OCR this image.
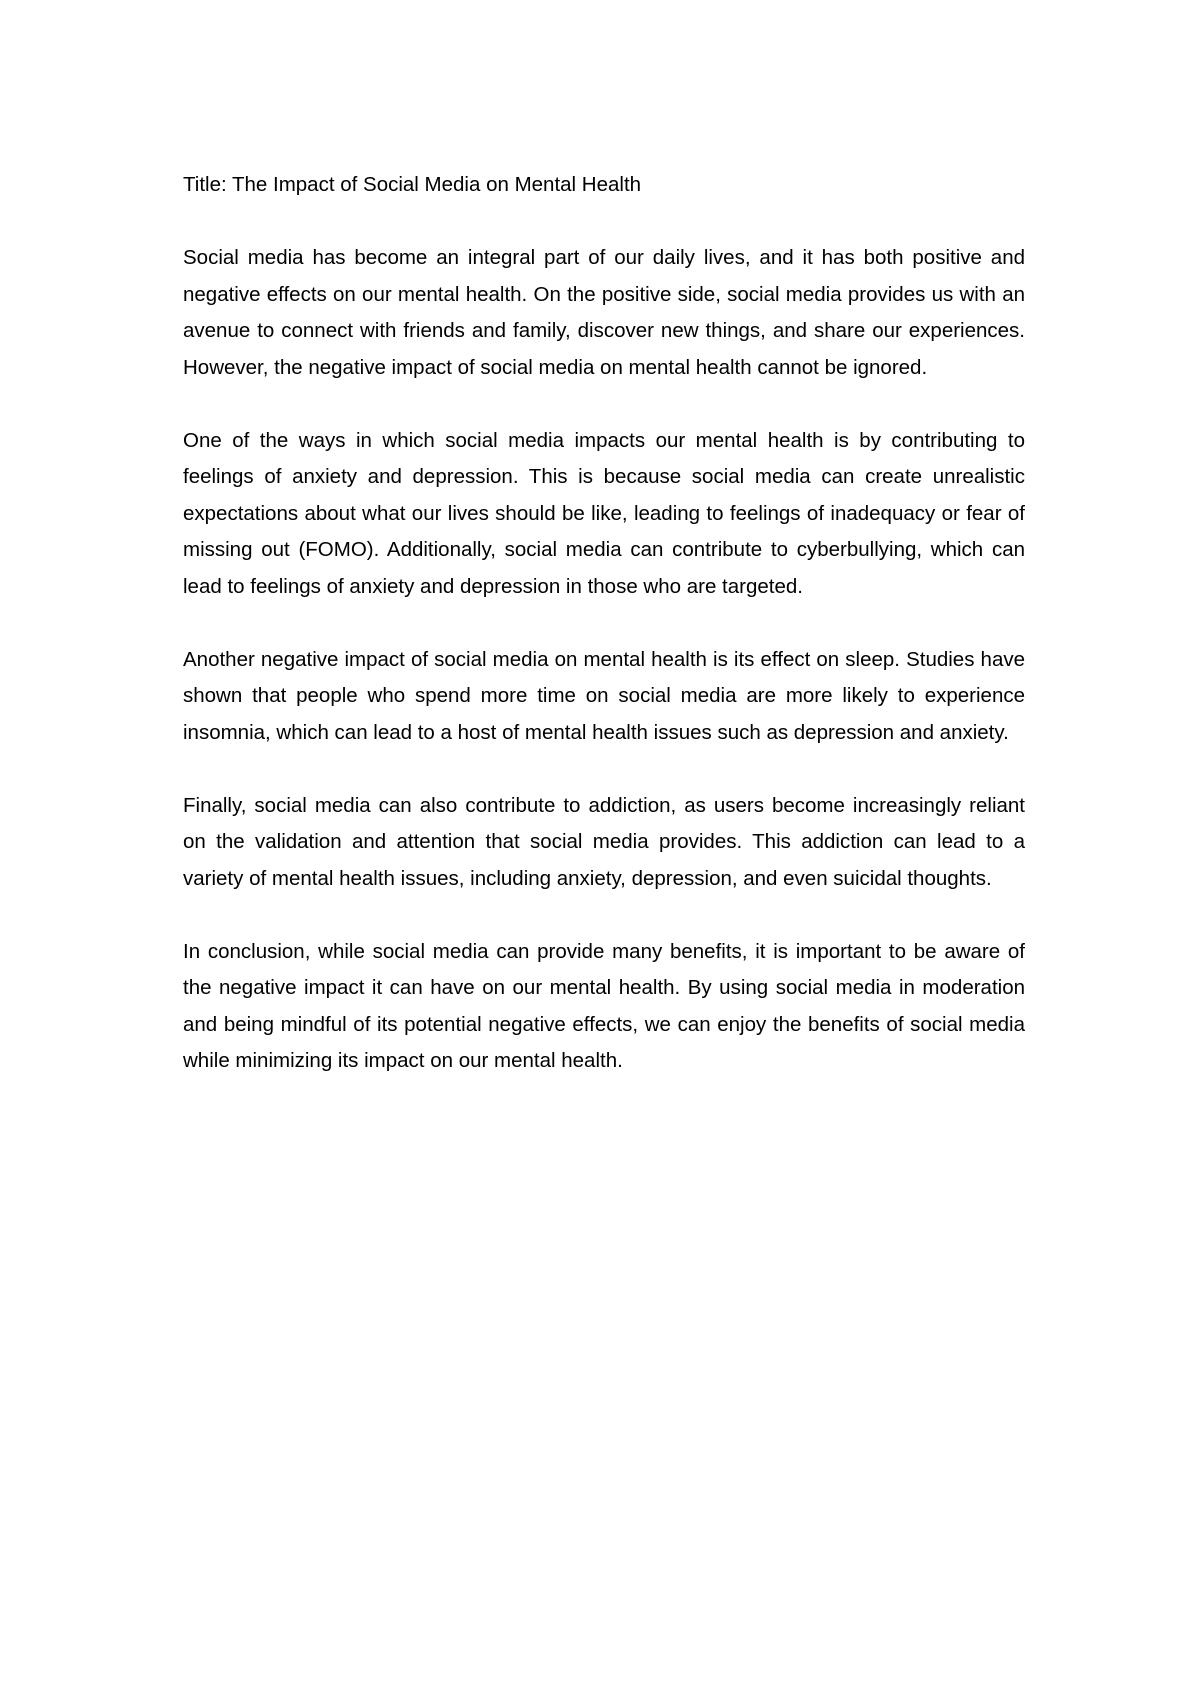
Title: The Impact of Social Media on Mental Health

Social media has become an integral part of our daily lives, and it has both positive and negative effects on our mental health. On the positive side, social media provides us with an avenue to connect with friends and family, discover new things, and share our experiences. However, the negative impact of social media on mental health cannot be ignored.

One of the ways in which social media impacts our mental health is by contributing to feelings of anxiety and depression. This is because social media can create unrealistic expectations about what our lives should be like, leading to feelings of inadequacy or fear of missing out (FOMO). Additionally, social media can contribute to cyberbullying, which can lead to feelings of anxiety and depression in those who are targeted.

Another negative impact of social media on mental health is its effect on sleep. Studies have shown that people who spend more time on social media are more likely to experience insomnia, which can lead to a host of mental health issues such as depression and anxiety.

Finally, social media can also contribute to addiction, as users become increasingly reliant on the validation and attention that social media provides. This addiction can lead to a variety of mental health issues, including anxiety, depression, and even suicidal thoughts.

In conclusion, while social media can provide many benefits, it is important to be aware of the negative impact it can have on our mental health. By using social media in moderation and being mindful of its potential negative effects, we can enjoy the benefits of social media while minimizing its impact on our mental health.
